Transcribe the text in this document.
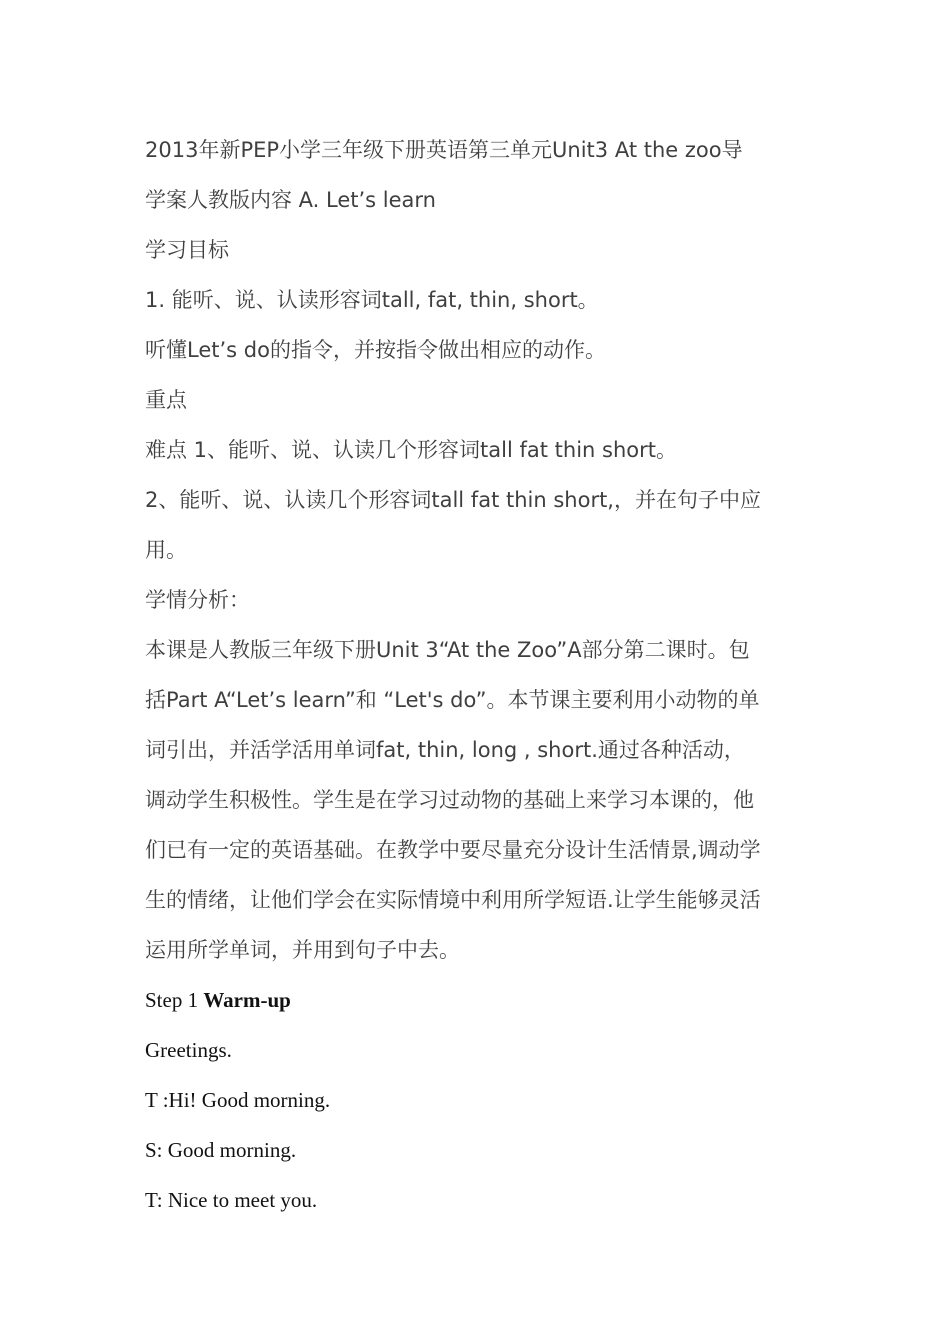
2013年新PEP小学三年级下册英语第三单元Unit3 At the zoo导
学案人教版内容 A. Let’s learn
学习目标
1. 能听、说、认读形容词tall, fat, thin, short。
听懂Let’s do的指令，并按指令做出相应的动作。
重点
难点 1、能听、说、认读几个形容词tall fat thin short。
2、能听、说、认读几个形容词tall fat thin short,，并在句子中应
用。
学情分析：
本课是人教版三年级下册Unit 3“At the Zoo”A部分第二课时。包
括Part A“Let’s learn”和 “Let's do”。本节课主要利用小动物的单
词引出，并活学活用单词fat, thin, long , short.通过各种活动，
调动学生积极性。学生是在学习过动物的基础上来学习本课的，他
们已有一定的英语基础。在教学中要尽量充分设计生活情景,调动学
生的情绪，让他们学会在实际情境中利用所学短语.让学生能够灵活
运用所学单词，并用到句子中去。
Step 1 Warm-up
Greetings.
T :Hi! Good morning.
S: Good morning.
T: Nice to meet you.
